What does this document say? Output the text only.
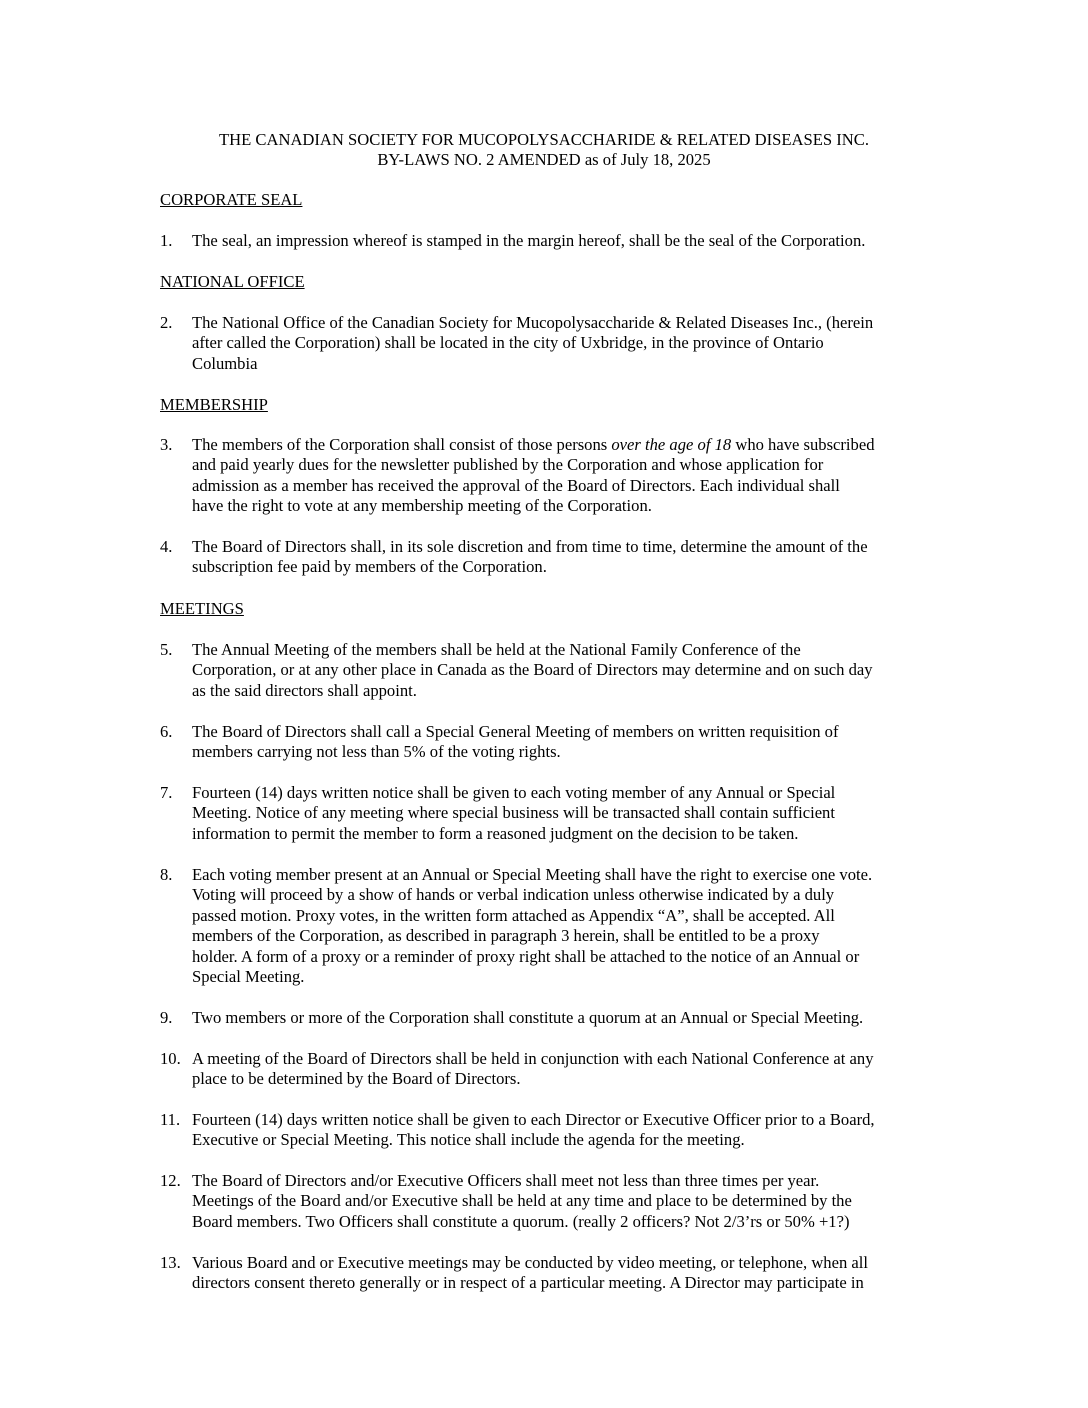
THE CANADIAN SOCIETY FOR MUCOPOLYSACCHARIDE & RELATED DISEASES INC.
BY-LAWS NO. 2 AMENDED as of July 18, 2025
CORPORATE SEAL
1. The seal, an impression whereof is stamped in the margin hereof, shall be the seal of the Corporation.
NATIONAL OFFICE
2. The National Office of the Canadian Society for Mucopolysaccharide & Related Diseases Inc., (herein
after called the Corporation) shall be located in the city of Uxbridge, in the province of Ontario
Columbia
MEMBERSHIP
3. The members of the Corporation shall consist of those persons over the age of 18 who have subscribed
and paid yearly dues for the newsletter published by the Corporation and whose application for
admission as a member has received the approval of the Board of Directors. Each individual shall
have the right to vote at any membership meeting of the Corporation.
4. The Board of Directors shall, in its sole discretion and from time to time, determine the amount of the
subscription fee paid by members of the Corporation.
MEETINGS
5. The Annual Meeting of the members shall be held at the National Family Conference of the
Corporation, or at any other place in Canada as the Board of Directors may determine and on such day
as the said directors shall appoint.
6. The Board of Directors shall call a Special General Meeting of members on written requisition of
members carrying not less than 5% of the voting rights.
7. Fourteen (14) days written notice shall be given to each voting member of any Annual or Special
Meeting. Notice of any meeting where special business will be transacted shall contain sufficient
information to permit the member to form a reasoned judgment on the decision to be taken.
8. Each voting member present at an Annual or Special Meeting shall have the right to exercise one vote.
Voting will proceed by a show of hands or verbal indication unless otherwise indicated by a duly
passed motion. Proxy votes, in the written form attached as Appendix “A”, shall be accepted. All
members of the Corporation, as described in paragraph 3 herein, shall be entitled to be a proxy
holder. A form of a proxy or a reminder of proxy right shall be attached to the notice of an Annual or
Special Meeting.
9. Two members or more of the Corporation shall constitute a quorum at an Annual or Special Meeting.
10. A meeting of the Board of Directors shall be held in conjunction with each National Conference at any
place to be determined by the Board of Directors.
11. Fourteen (14) days written notice shall be given to each Director or Executive Officer prior to a Board,
Executive or Special Meeting. This notice shall include the agenda for the meeting.
12. The Board of Directors and/or Executive Officers shall meet not less than three times per year.
Meetings of the Board and/or Executive shall be held at any time and place to be determined by the
Board members. Two Officers shall constitute a quorum. (really 2 officers? Not 2/3’rs or 50% +1?)
13. Various Board and or Executive meetings may be conducted by video meeting, or telephone, when all
directors consent thereto generally or in respect of a particular meeting. A Director may participate in
